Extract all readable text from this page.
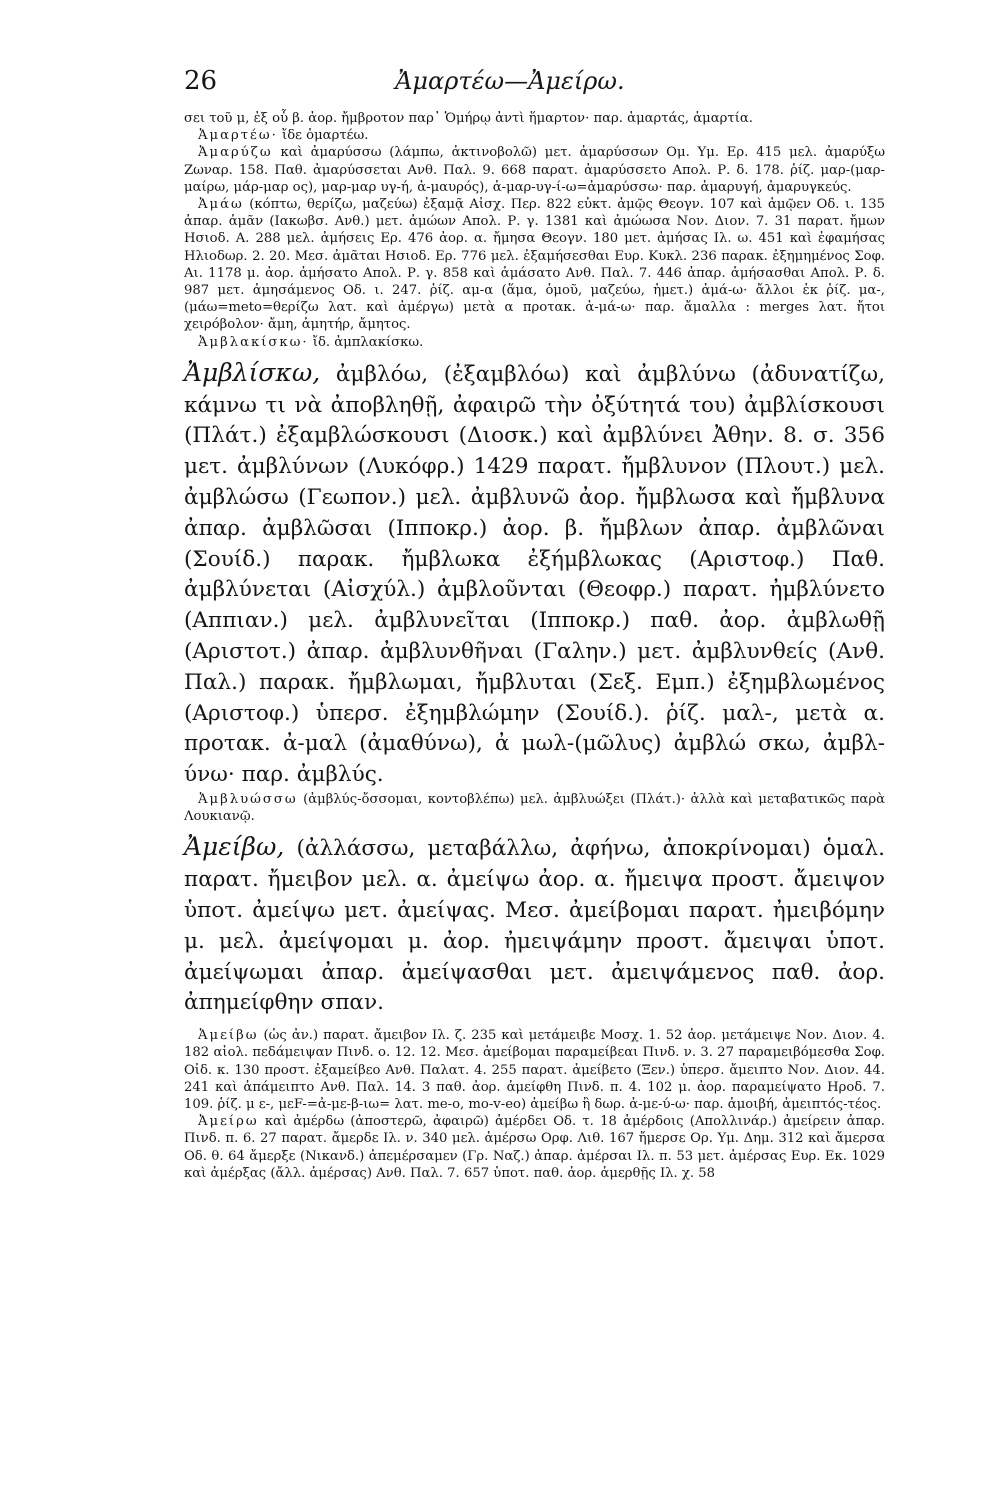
26	Ἀμαρτέω—Ἀμείρω.

σει τοῦ μ, ἐξ οὗ β. ἀορ. ἤμβροτον παρ᾽ Ὁμήρῳ ἀντὶ ἥμαρτον· παρ. ἁμαρτάς, ἁμαρτία.

Ἀμαρτέω· ἴδε ὁμαρτέω.

Ἀμαρύζω καὶ ἀμαρύσσω (λάμπω, ἀκτινοβολῶ) μετ. ἀμαρύσσων Ομ. Υμ. Ερ. 415 μελ. ἀμαρύξω Ζωναρ. 158. Παθ. ἀμαρύσσεται Ανθ. Παλ. 9. 668 παρατ. ἀμαρύσσετο Απολ. Ρ. δ. 178. ῥίζ. μαρ-(μαρ-μαίρω, μάρ-μαρ ος), μαρ-μαρ υγ-ή, ἀ-μαυρός), ἀ-μαρ-υγ-ί-ω=ἀμαρύσσω· παρ. ἀμαρυγή, ἀμαρυγκεύς.

Ἀμάω (κόπτω, θερίζω, μαζεύω) ἐξαμᾷ Αἰσχ. Περ. 822 εὐκτ. ἀμῷς Θεογν. 107 καὶ ἀμῷεν Οδ. ι. 135 ἀπαρ. ἀμᾶν (Ιακωβσ. Ανθ.) μετ. ἀμώων Απολ. Ρ. γ. 1381 καὶ ἀμώωσα Νον. Διον. 7. 31 παρατ. ἤμων Ησιοδ. Α. 288 μελ. ἀμήσεις Ερ. 476 ἀορ. α. ἤμησα Θεογν. 180 μετ. ἀμήσας Ιλ. ω. 451 καὶ ἐφαμήσας Ηλιοδωρ. 2. 20. Μεσ. ἀμᾶται Ησιοδ. Ερ. 776 μελ. ἐξαμήσεσθαι Ευρ. Κυκλ. 236 παρακ. ἐξημημένος Σοφ. Αι. 1178 μ. ἀορ. ἀμήσατο Απολ. Ρ. γ. 858 καὶ ἀμάσατο Ανθ. Παλ. 7. 446 ἀπαρ. ἀμήσασθαι Απολ. Ρ. δ. 987 μετ. ἀμησάμενος Οδ. ι. 247. ῥίζ. αμ-α (ἅμα, ὁμοῦ, μαζεύω, ἡμετ.) ἀμά-ω· ἄλλοι ἐκ ῥίζ. μα-, (μάω=meto=θερίζω λατ. καὶ ἀμέργω) μετὰ α προτακ. ἀ-μά-ω· παρ. ἄμαλλα : merges λατ. ἤτοι χειρόβολον· ἄμη, ἀμητήρ, ἄμητος.

Ἀμβλακίσκω· ἴδ. ἀμπλακίσκω.

Ἀμβλίσκω, ἀμβλόω, (ἐξαμβλόω) καὶ ἀμβλύνω (ἀδυνατίζω, κάμνω τι νὰ ἀποβληθῇ, ἀφαιρῶ τὴν ὀξύτητά του) ἀμβλίσκουσι (Πλάτ.) ἐξαμβλώσκουσι (Διοσκ.) καὶ ἀμβλύνει Ἀθην. 8. σ. 356 μετ. ἀμβλύνων (Λυκόφρ.) 1429 παρατ. ἤμβλυνον (Πλουτ.) μελ. ἀμβλώσω (Γεωπον.) μελ. ἀμβλυνῶ ἀορ. ἤμβλωσα καὶ ἤμβλυνα ἀπαρ. ἀμβλῶσαι (Ιπποκρ.) ἀορ. β. ἤμβλων ἀπαρ. ἀμβλῶναι (Σουίδ.) παρακ. ἤμβλωκα ἐξήμβλωκας (Αριστοφ.) Παθ. ἀμβλύνεται (Αἰσχύλ.) ἀμβλοῦνται (Θεοφρ.) παρατ. ἠμβλύνετο (Αππιαν.) μελ. ἀμβλυνεῖται (Ιπποκρ.) παθ. ἀορ. ἀμβλωθῇ (Αριστοτ.) ἀπαρ. ἀμβλυνθῆναι (Γαλην.) μετ. ἀμβλυνθείς (Ανθ. Παλ.) παρακ. ἤμβλωμαι, ἤμβλυται (Σεξ. Εμπ.) ἐξημβλωμένος (Αριστοφ.) ὑπερσ. ἐξημβλώμην (Σουίδ.). ῥίζ. μαλ-, μετὰ α. προτακ. ἀ-μαλ (ἀμαθύνω), ἀ μωλ-(μῶλυς) ἀμβλώ σκω, ἀμβλ-ύνω· παρ. ἀμβλύς.

Ἀμβλυώσσω (ἀμβλύς-ὄσσομαι, κοντοβλέπω) μελ. ἀμβλυώξει (Πλάτ.)· ἀλλὰ καὶ μεταβατικῶς παρὰ Λουκιανῷ.

Ἀμείβω, (ἀλλάσσω, μεταβάλλω, ἀφήνω, ἀποκρίνομαι) ὁμαλ. παρατ. ἤμειβον μελ. α. ἀμείψω ἀορ. α. ἤμειψα προστ. ἄμειψον ὑποτ. ἀμείψω μετ. ἀμείψας. Μεσ. ἀμείβομαι παρατ. ἠμειβόμην μ. μελ. ἀμείψομαι μ. ἀορ. ἠμειψάμην προστ. ἄμειψαι ὑποτ. ἀμείψωμαι ἀπαρ. ἀμείψασθαι μετ. ἀμειψάμενος παθ. ἀορ. ἀπημείφθην σπαν.

Ἀμείβω (ὡς ἀν.) παρατ. ἄμειβον Ιλ. ζ. 235 καὶ μετάμειβε Μοσχ. 1. 52 ἀορ. μετάμειψε Νον. Διον. 4. 182 αἰολ. πεδάμειψαν Πινδ. ο. 12. 12. Μεσ. ἀμείβομαι παραμείβεαι Πινδ. ν. 3. 27 παραμειβόμεσθα Σοφ. Οἰδ. κ. 130 προστ. ἐξαμείβεο Ανθ. Παλατ. 4. 255 παρατ. ἀμείβετο (Ξεν.) ὑπερσ. ἄμειπτο Νον. Διον. 44. 241 καὶ ἀπάμειπτο Ανθ. Παλ. 14. 3 παθ. ἀορ. ἀμείφθη Πινδ. π. 4. 102 μ. ἀορ. παραμείψατο Ηροδ. 7. 109. ῥίζ. μ ε-, μεF-=ἀ-με-β-ιω= λατ. me-o, mo-v-eo) ἀμείβω ἢ δωρ. ἀ-με-ύ-ω· παρ. ἀμοιβή, ἀμειπτός-τέος.

Ἀμείρω καὶ ἀμέρδω (ἀποστερῶ, ἀφαιρῶ) ἀμέρδει Οδ. τ. 18 ἀμέρδοις (Απολλινάρ.) ἀμείρειν ἀπαρ. Πινδ. π. 6. 27 παρατ. ἄμερδε Ιλ. ν. 340 μελ. ἀμέρσω Ορφ. Λιθ. 167 ἤμερσε Ορ. Υμ. Δημ. 312 καὶ ἄμερσα Οδ. θ. 64 ἄμερξε (Νικανδ.) ἀπεμέρσαμεν (Γρ. Ναζ.) ἀπαρ. ἀμέρσαι Ιλ. π. 53 μετ. ἀμέρσας Ευρ. Εκ. 1029 καὶ ἀμέρξας (ἄλλ. ἀμέρσας) Ανθ. Παλ. 7. 657 ὑποτ. παθ. ἀορ. ἀμερθῇς Ιλ. χ. 58
